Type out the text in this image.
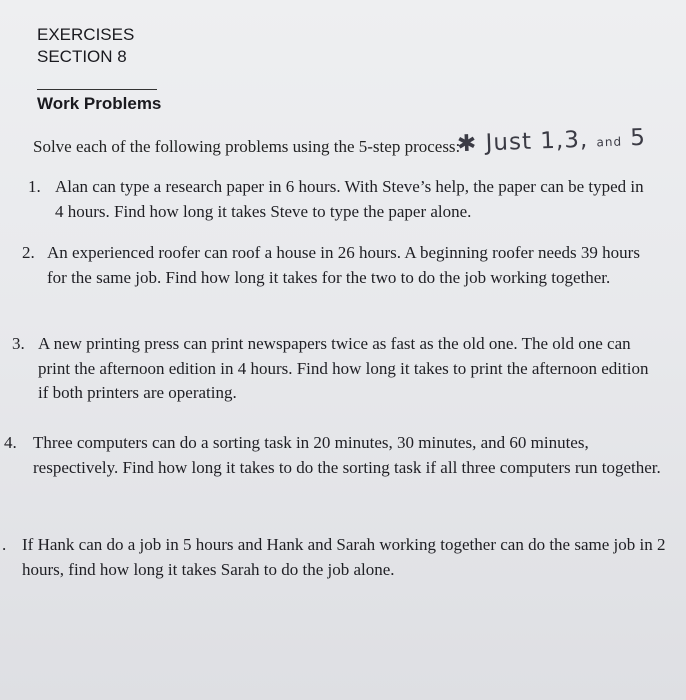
EXERCISES
SECTION 8
Work Problems
Solve each of the following problems using the 5-step process:
✱ Just 1,3, and 5
1. Alan can type a research paper in 6 hours. With Steve’s help, the paper can be typed in 4 hours. Find how long it takes Steve to type the paper alone.
2. An experienced roofer can roof a house in 26 hours. A beginning roofer needs 39 hours for the same job. Find how long it takes for the two to do the job working together.
3. A new printing press can print newspapers twice as fast as the old one. The old one can print the afternoon edition in 4 hours. Find how long it takes to print the afternoon edition if both printers are operating.
4. Three computers can do a sorting task in 20 minutes, 30 minutes, and 60 minutes, respectively. Find how long it takes to do the sorting task if all three computers run together.
. If Hank can do a job in 5 hours and Hank and Sarah working together can do the same job in 2 hours, find how long it takes Sarah to do the job alone.
